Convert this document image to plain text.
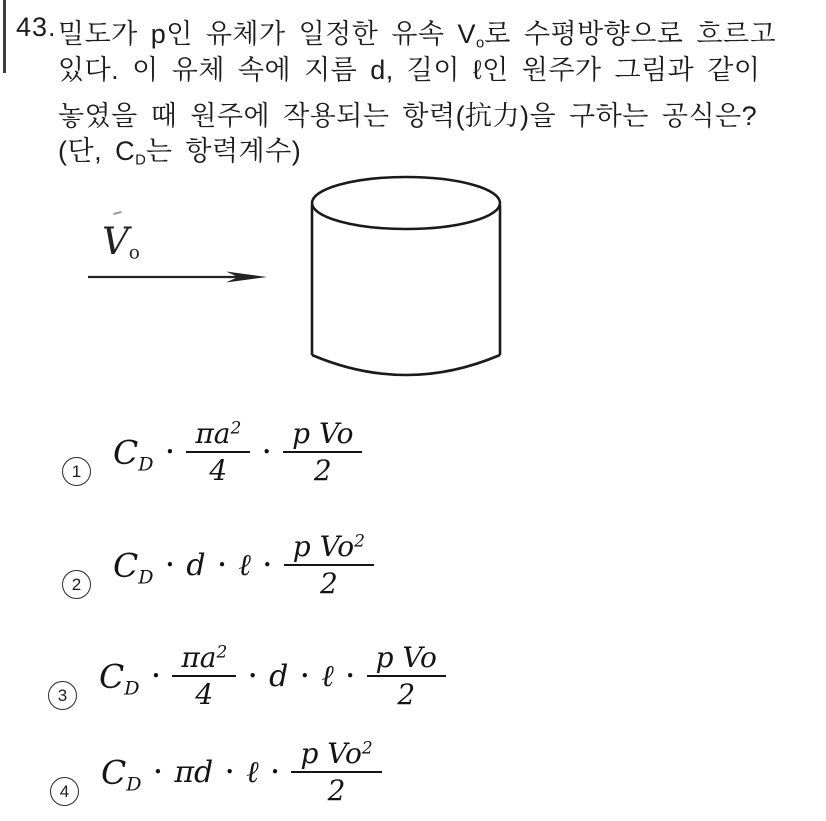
43. 밀도가 p인 유체가 일정한 유속 $V_o$로 수평방향으로 흐르고
있다. 이 유체 속에 지름 d, 길이 ℓ인 원주가 그림과 같이
놓였을 때 원주에 작용되는 항력(抗力)을 구하는 공식은?
(단, $C_D$는 항력계수)
Vo
1 $C_D$
• $\frac{\pi a^2}{4}$ • $\frac{\text{p Vo}}{2}$
2 $C_D$
• d • ℓ • $\frac{p Vo^2}{2}$
3 $C_D$
• $\frac{\pi a^2}{4}$ • d • ℓ • $\frac{\text{p Vo}}{2}$
4 $C_D$
• πd • ℓ • $\frac{p Vo^2}{2}$
